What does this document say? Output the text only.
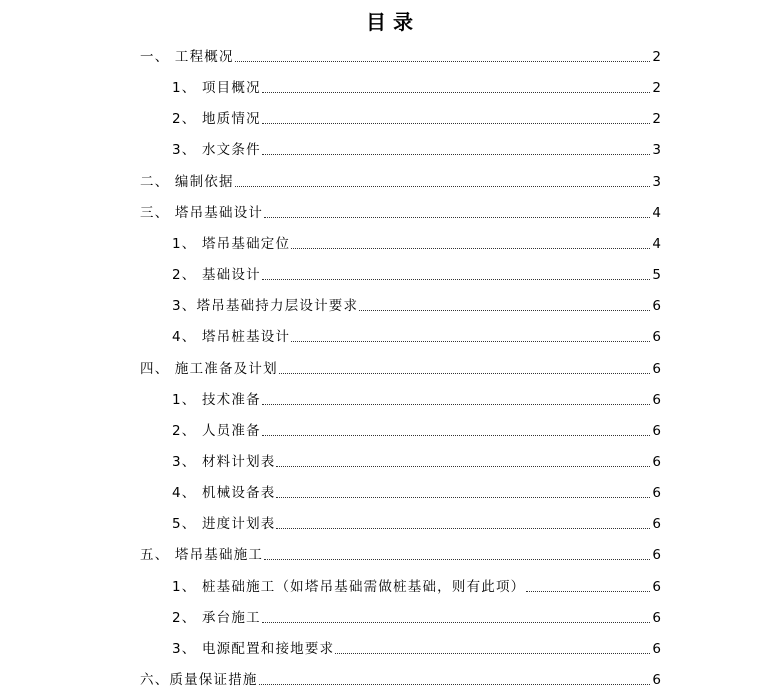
目 录
一、 工程概况	2
1、 项目概况	2
2、 地质情况	2
3、 水文条件	3
二、 编制依据	3
三、 塔吊基础设计	4
1、 塔吊基础定位	4
2、 基础设计	5
3、塔吊基础持力层设计要求	6
4、 塔吊桩基设计	6
四、 施工准备及计划	6
1、 技术准备	6
2、 人员准备	6
3、 材料计划表	6
4、 机械设备表	6
5、 进度计划表	6
五、 塔吊基础施工	6
1、 桩基础施工（如塔吊基础需做桩基础，则有此项）	6
2、 承台施工	6
3、 电源配置和接地要求	6
六、质量保证措施	6
